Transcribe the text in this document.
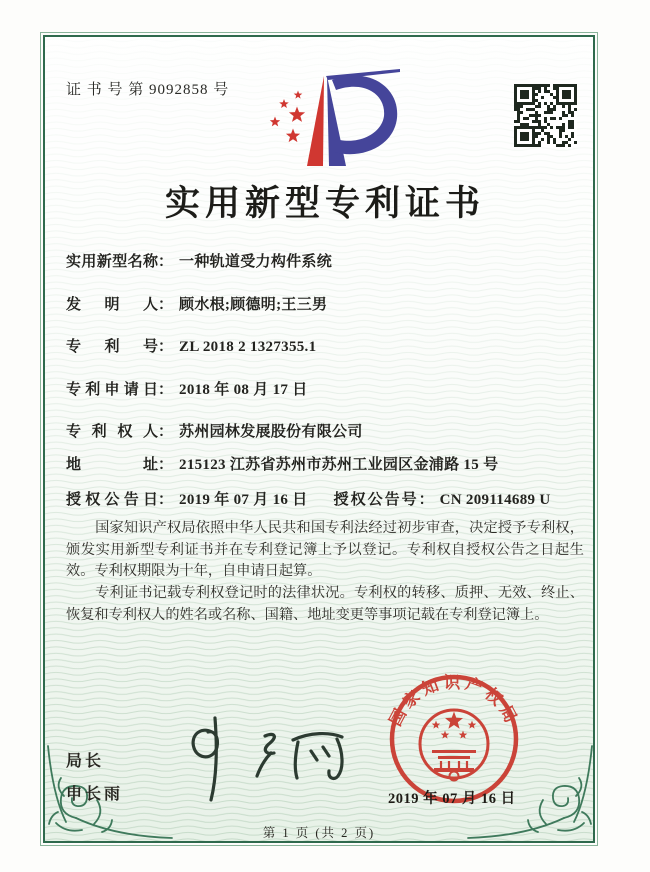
证 书 号 第 9092858 号
实用新型专利证书
实用新型名称： 一种轨道受力构件系统
发明人： 顾水根;顾德明;王三男
专利号： ZL 2018 2 1327355.1
专利申请日： 2018 年 08 月 17 日
专利权人： 苏州园林发展股份有限公司
地址： 215123 江苏省苏州市苏州工业园区金浦路 15 号
授权公告日： 2019 年 07 月 16 日 授权公告号： CN 209114689 U

国家知识产权局依照中华人民共和国专利法经过初步审查，决定授予专利权，颁发实用新型专利证书并在专利登记簿上予以登记。专利权自授权公告之日起生效。专利权期限为十年，自申请日起算。

专利证书记载专利权登记时的法律状况。专利权的转移、质押、无效、终止、恢复和专利权人的姓名或名称、国籍、地址变更等事项记载在专利登记簿上。

局长
申长雨
国家知识产权局
2019 年 07 月 16 日
第 1 页 (共 2 页)
